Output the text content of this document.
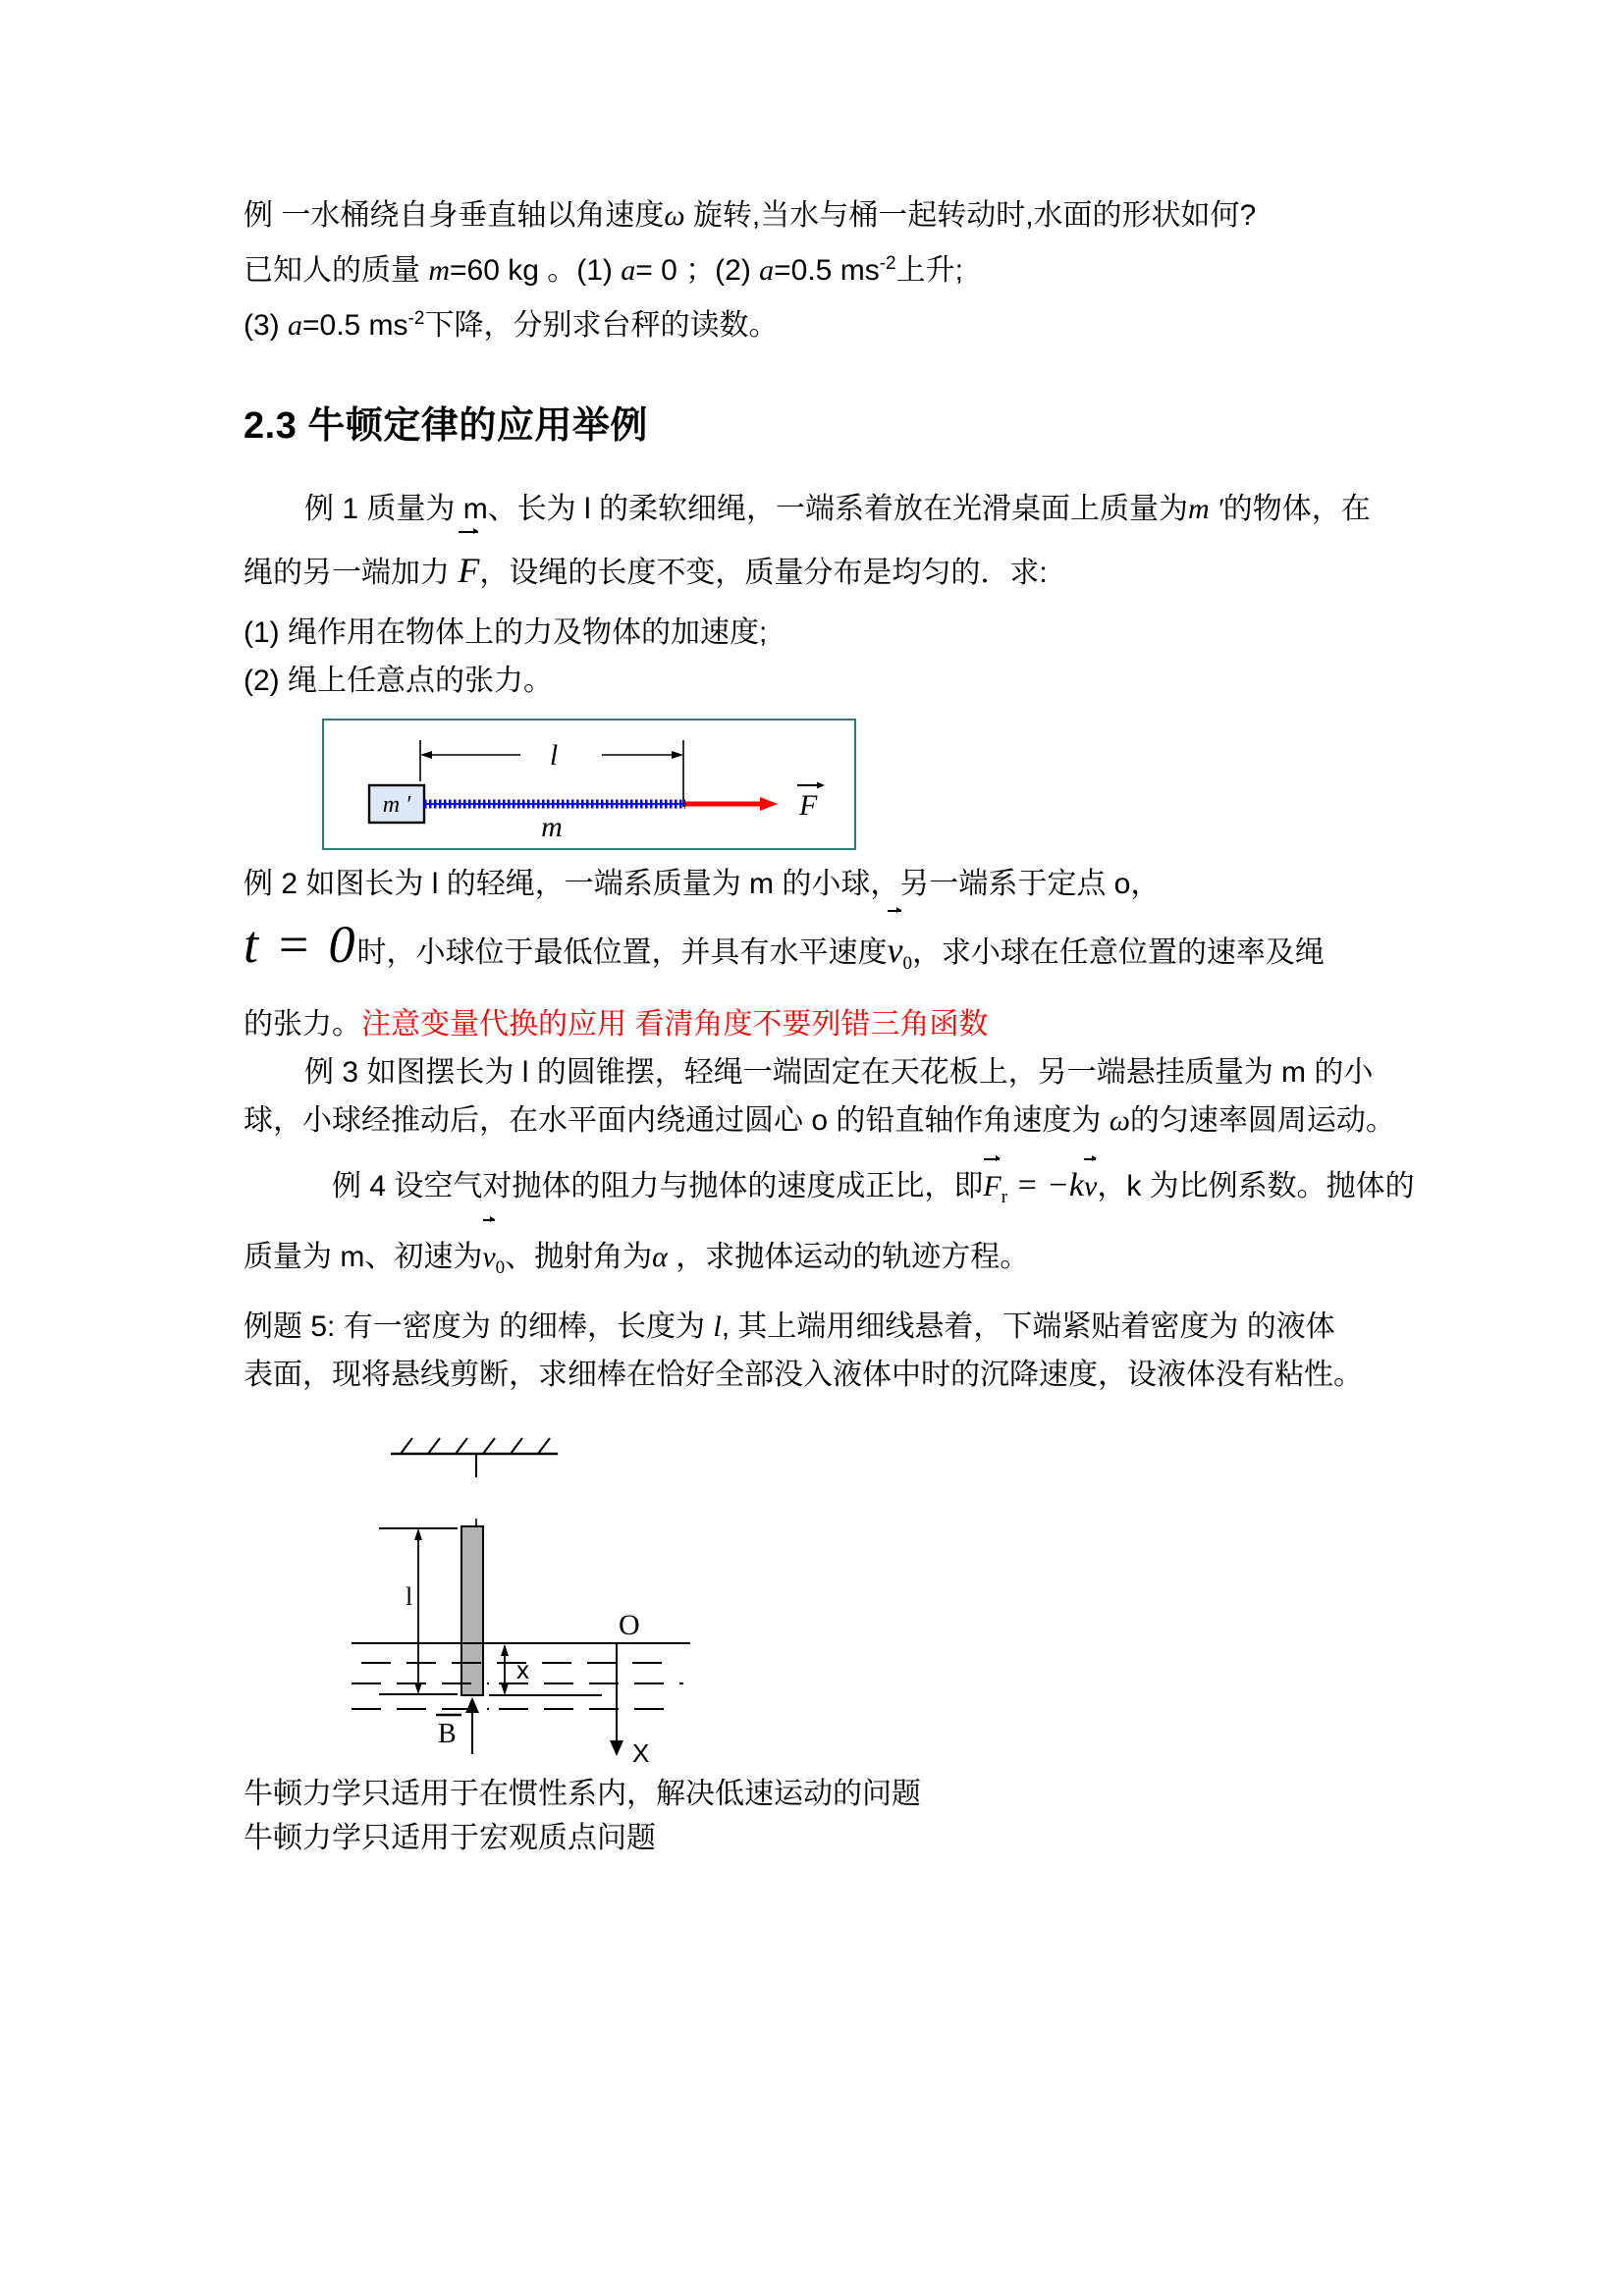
例 一水桶绕自身垂直轴以角速度ω 旋转,当水与桶一起转动时,水面的形状如何?

已知人的质量 m=60 kg 。(1) a= 0 ；(2) a=0.5 $ms^{-2}$上升;

(3) a=0.5 $ms^{-2}$下降，分别求台秤的读数。

2.3 牛顿定律的应用举例

例 1 质量为 m、长为 l 的柔软细绳，一端系着放在光滑桌面上质量为m ′的物体，在

绳的另一端加力 F，设绳的长度不变，质量分布是均匀的．求:

(1) 绳作用在物体上的力及物体的加速度;

(2) 绳上任意点的张力。

l
m ′
m
F

例 2 如图长为 l 的轻绳，一端系质量为 m 的小球，另一端系于定点 o，

t = 0时，小球位于最低位置，并具有水平速度$v_0$，求小球在任意位置的速率及绳

的张力。注意变量代换的应用 看清角度不要列错三角函数

例 3 如图摆长为 l 的圆锥摆，轻绳一端固定在天花板上，另一端悬挂质量为 m 的小

球，小球经推动后，在水平面内绕通过圆心 o 的铅直轴作角速度为 ω的匀速率圆周运动。

例 4 设空气对抛体的阻力与抛体的速度成正比，即$F_r = -kv$，k 为比例系数。抛体的

质量为 m、初速为$v_0$、抛射角为α ，求抛体运动的轨迹方程。

例题 5: 有一密度为 的细棒，长度为 l, 其上端用细线悬着，下端紧贴着密度为 的液体

表面，现将悬线剪断，求细棒在恰好全部没入液体中时的沉降速度，设液体没有粘性。

l
x
O
X
B

牛顿力学只适用于在惯性系内，解决低速运动的问题

牛顿力学只适用于宏观质点问题
